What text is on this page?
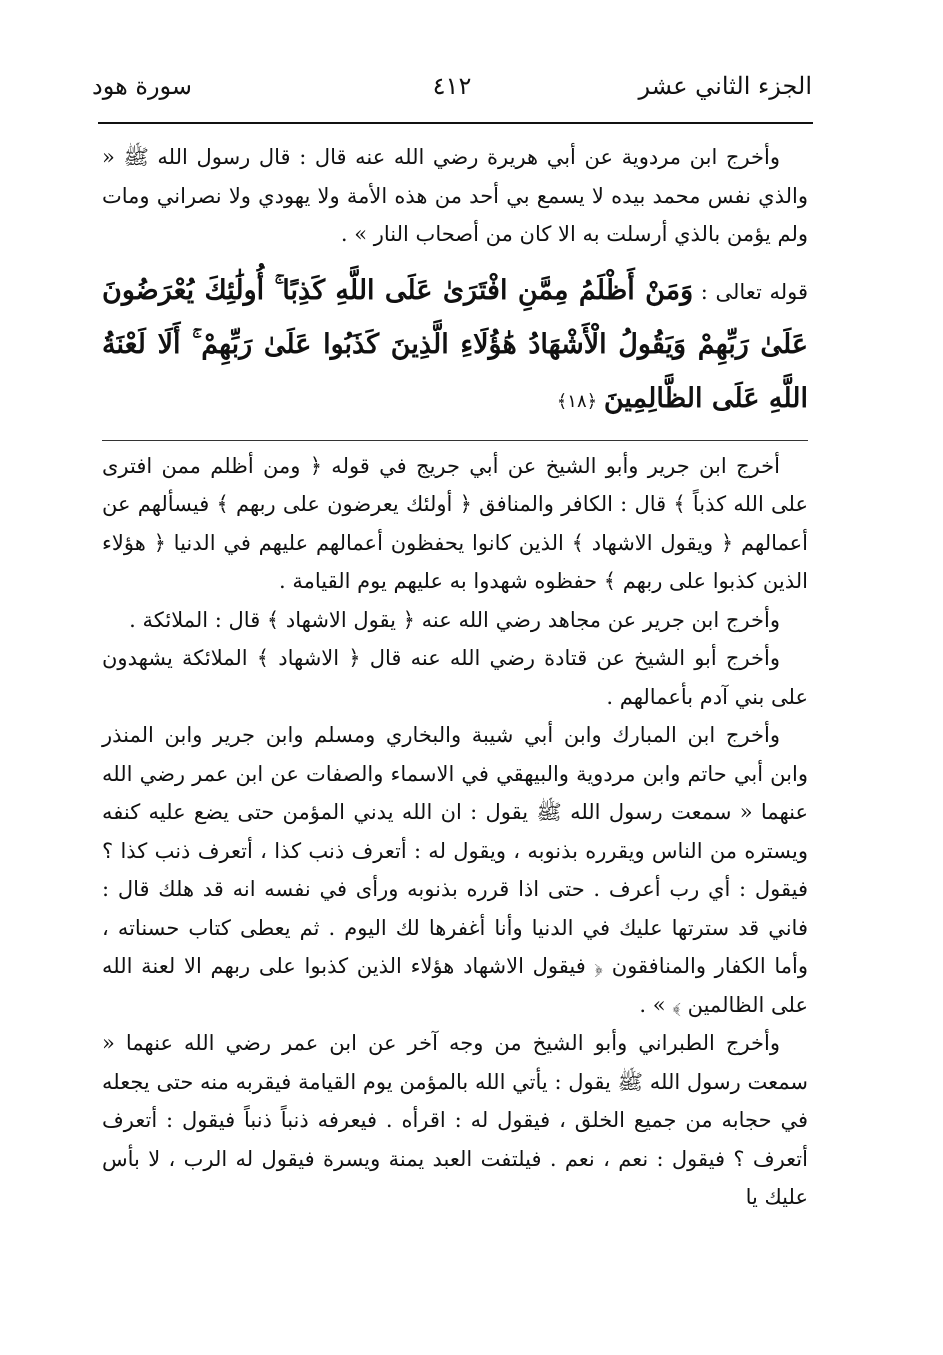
الجزء الثاني عشر
٤١٢
سورة هود

وأخرج ابن مردوية عن أبي هريرة رضي الله عنه قال : قال رسول الله ﷺ « والذي نفس محمد بيده لا يسمع بي أحد من هذه الأمة ولا يهودي ولا نصراني ومات ولم يؤمن بالذي أرسلت به الا كان من أصحاب النار » .

قوله تعالى : وَمَنْ أَظْلَمُ مِمَّنِ افْتَرَىٰ عَلَى اللَّهِ كَذِبًا ۚ أُولَٰئِكَ يُعْرَضُونَ عَلَىٰ رَبِّهِمْ وَيَقُولُ الْأَشْهَادُ هَٰؤُلَاءِ الَّذِينَ كَذَبُوا عَلَىٰ رَبِّهِمْ ۚ أَلَا لَعْنَةُ اللَّهِ عَلَى الظَّالِمِينَ ﴿١٨﴾

أخرج ابن جرير وأبو الشيخ عن أبي جريج في قوله ﴿ ومن أظلم ممن افترى على الله كذباً ﴾ قال : الكافر والمنافق ﴿ أولئك يعرضون على ربهم ﴾ فيسألهم عن أعمالهم ﴿ ويقول الاشهاد ﴾ الذين كانوا يحفظون أعمالهم عليهم في الدنيا ﴿ هؤلاء الذين كذبوا على ربهم ﴾ حفظوه شهدوا به عليهم يوم القيامة .

وأخرج ابن جرير عن مجاهد رضي الله عنه ﴿ يقول الاشهاد ﴾ قال : الملائكة .

وأخرج أبو الشيخ عن قتادة رضي الله عنه قال ﴿ الاشهاد ﴾ الملائكة يشهدون على بني آدم بأعمالهم .

وأخرج ابن المبارك وابن أبي شيبة والبخاري ومسلم وابن جرير وابن المنذر وابن أبي حاتم وابن مردوية والبيهقي في الاسماء والصفات عن ابن عمر رضي الله عنهما « سمعت رسول الله ﷺ يقول : ان الله يدني المؤمن حتى يضع عليه كنفه ويستره من الناس ويقرره بذنوبه ، ويقول له : أتعرف ذنب كذا ، أتعرف ذنب كذا ؟ فيقول : أي رب أعرف . حتى اذا قرره بذنوبه ورأى في نفسه انه قد هلك قال : فاني قد سترتها عليك في الدنيا وأنا أغفرها لك اليوم . ثم يعطى كتاب حسناته ، وأما الكفار والمنافقون ﴿ فيقول الاشهاد هؤلاء الذين كذبوا على ربهم الا لعنة الله على الظالمين ﴾ » .

وأخرج الطبراني وأبو الشيخ من وجه آخر عن ابن عمر رضي الله عنهما « سمعت رسول الله ﷺ يقول : يأتي الله بالمؤمن يوم القيامة فيقربه منه حتى يجعله في حجابه من جميع الخلق ، فيقول له : اقرأه . فيعرفه ذنباً ذنباً فيقول : أتعرف أتعرف ؟ فيقول : نعم ، نعم . فيلتفت العبد يمنة ويسرة فيقول له الرب ، لا بأس عليك يا
